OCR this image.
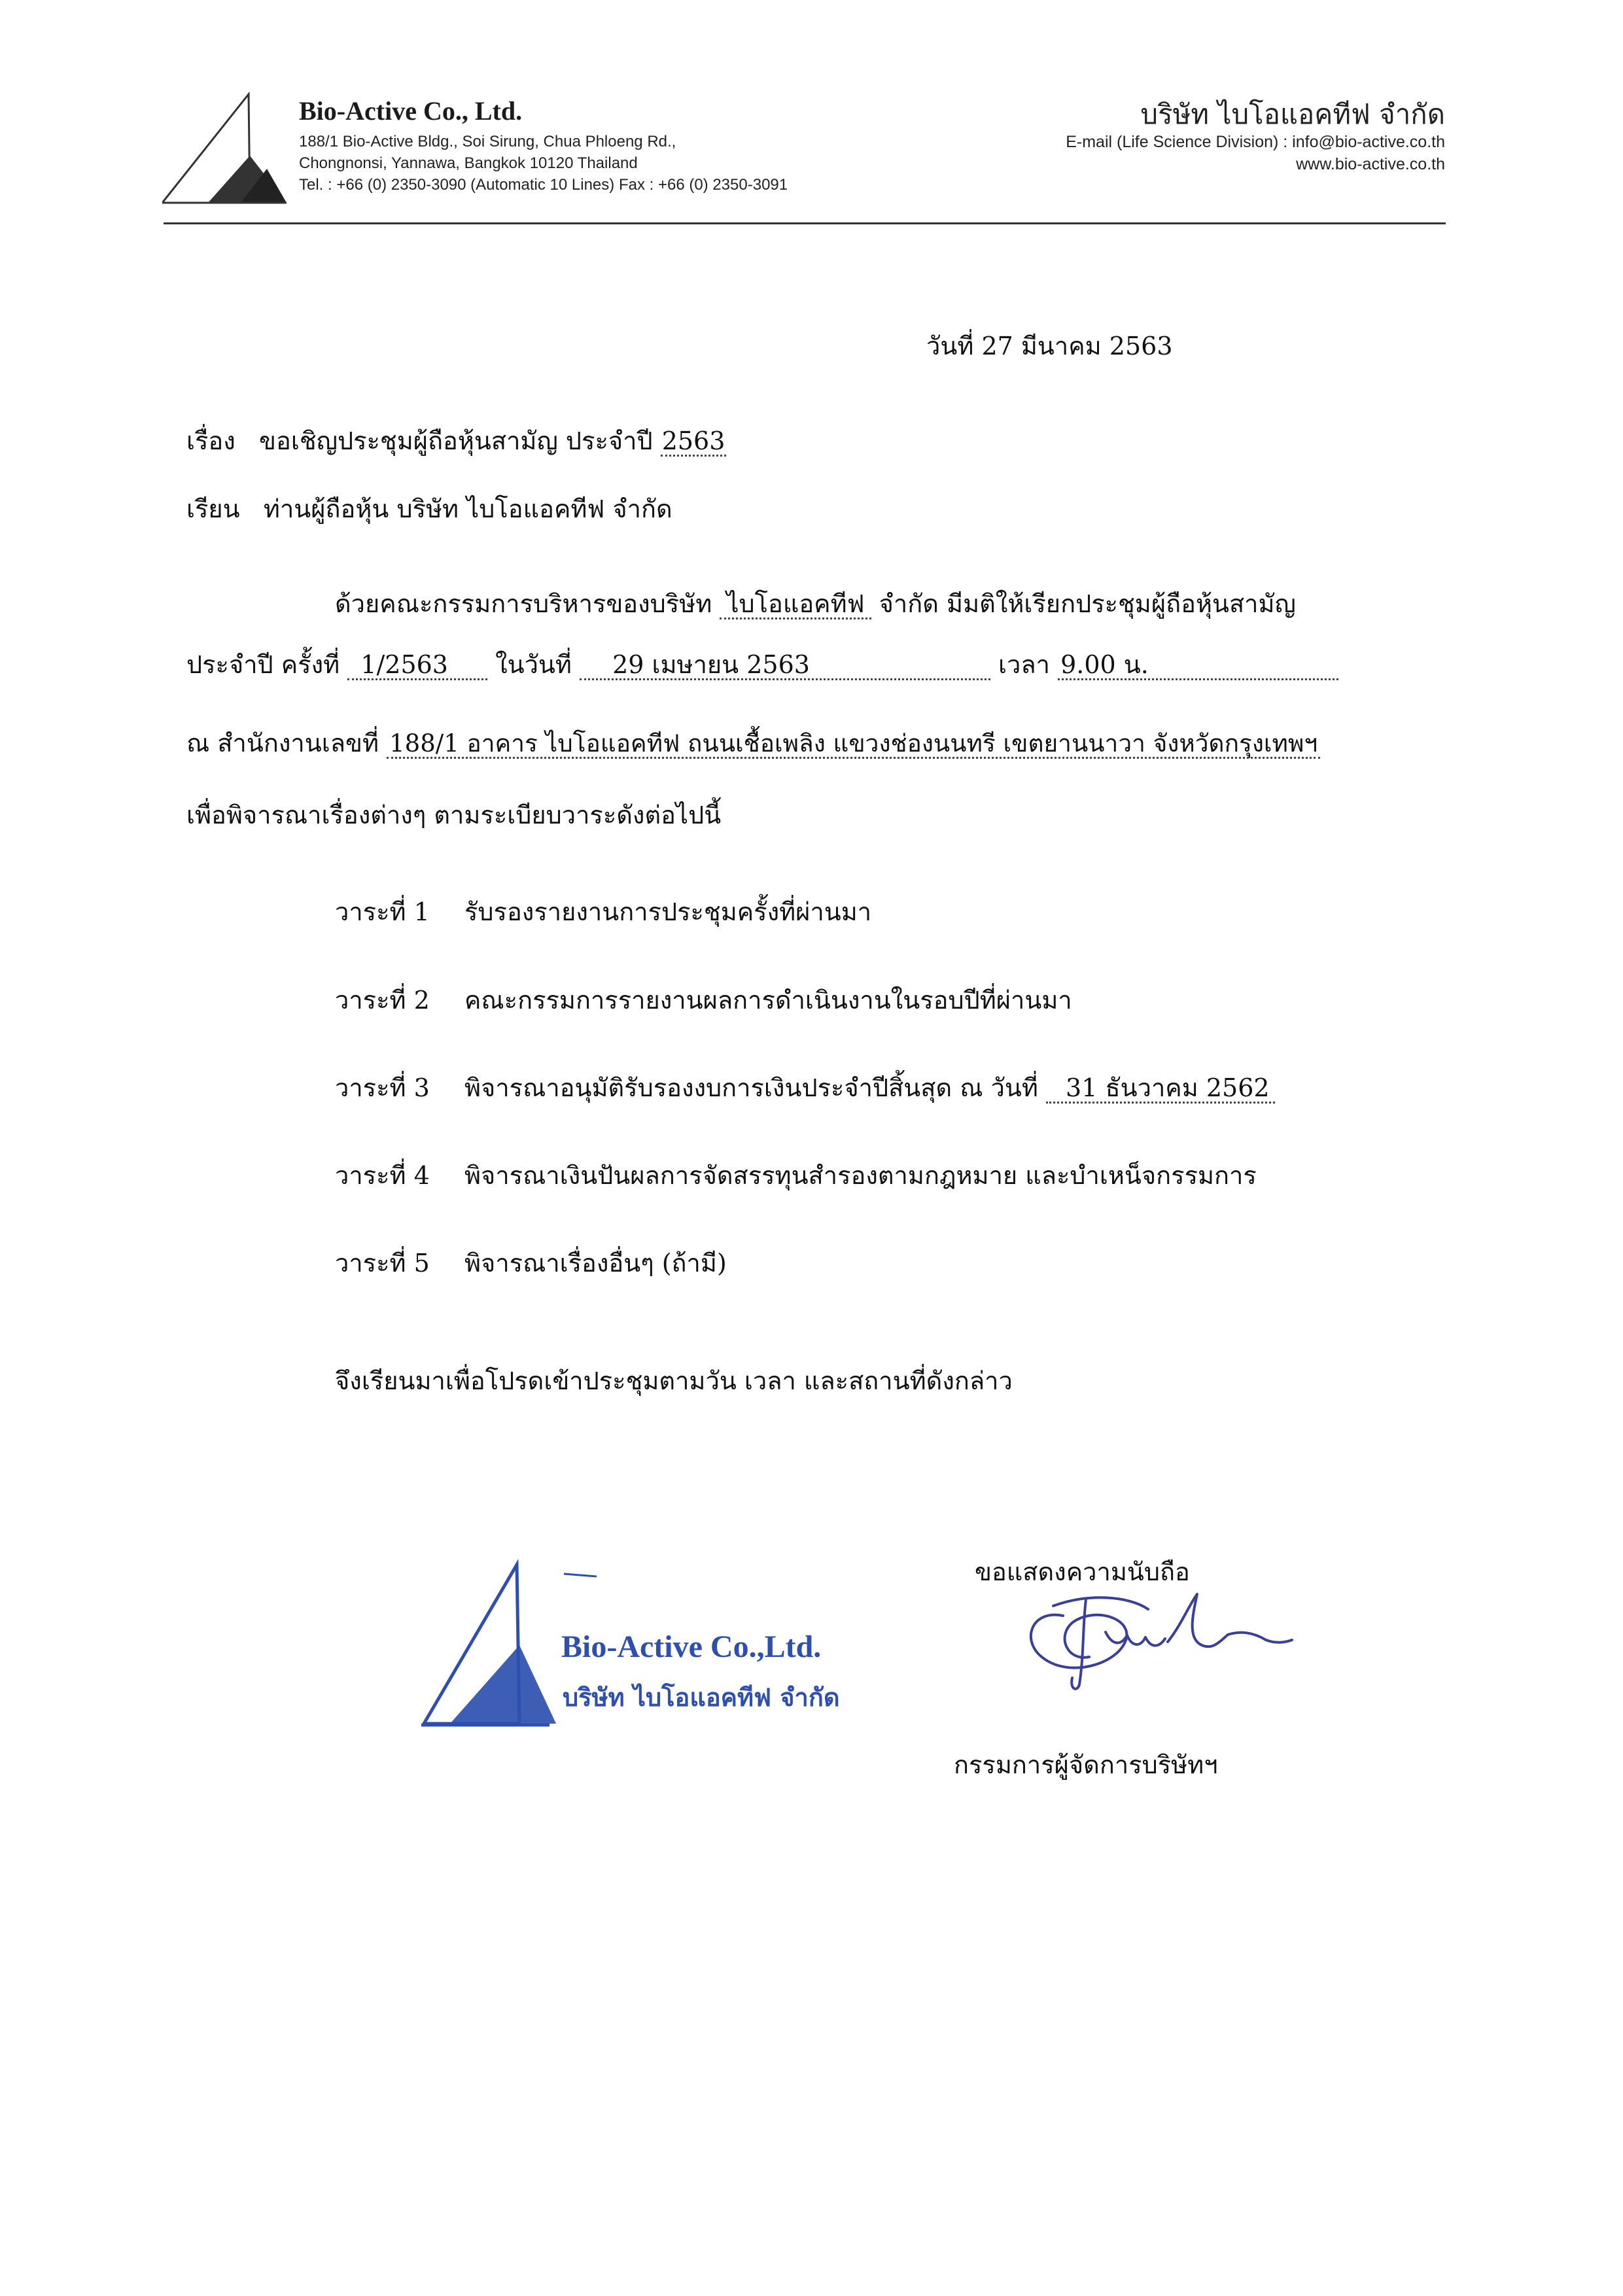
Bio-Active Co., Ltd.
188/1 Bio-Active Bldg., Soi Sirung, Chua Phloeng Rd.,
Chongnonsi, Yannawa, Bangkok 10120 Thailand
Tel. : +66 (0) 2350-3090 (Automatic 10 Lines) Fax : +66 (0) 2350-3091
บริษัท ไบโอแอคทีฟ จำกัด
E-mail (Life Science Division) : info@bio-active.co.th
www.bio-active.co.th
วันที่ 27 มีนาคม 2563
เรื่อง ขอเชิญประชุมผู้ถือหุ้นสามัญ ประจำปี 2563
เรียน ท่านผู้ถือหุ้น บริษัท ไบโอแอคทีฟ จำกัด
ด้วยคณะกรรมการบริหารของบริษัท ไบโอแอคทีฟ จำกัด มีมติให้เรียกประชุมผู้ถือหุ้นสามัญ
ประจำปี ครั้งที่ 1/2563 ในวันที่ 29 เมษายน 2563	เวลา 9.00 น.
ณ สำนักงานเลขที่ 188/1 อาคาร ไบโอแอคทีฟ ถนนเชื้อเพลิง แขวงช่องนนทรี เขตยานนาวา จังหวัดกรุงเทพฯ
เพื่อพิจารณาเรื่องต่างๆ ตามระเบียบวาระดังต่อไปนี้
วาระที่ 1 รับรองรายงานการประชุมครั้งที่ผ่านมา
วาระที่ 2 คณะกรรมการรายงานผลการดำเนินงานในรอบปีที่ผ่านมา
วาระที่ 3 พิจารณาอนุมัติรับรองงบการเงินประจำปีสิ้นสุด ณ วันที่ 31 ธันวาคม 2562
วาระที่ 4 พิจารณาเงินปันผลการจัดสรรทุนสำรองตามกฎหมาย และบำเหน็จกรรมการ
วาระที่ 5 พิจารณาเรื่องอื่นๆ (ถ้ามี)
จึงเรียนมาเพื่อโปรดเข้าประชุมตามวัน เวลา และสถานที่ดังกล่าว
ขอแสดงความนับถือ
Bio-Active Co.,Ltd.
บริษัท ไบโอแอคทีฟ จำกัด
กรรมการผู้จัดการบริษัทฯ
